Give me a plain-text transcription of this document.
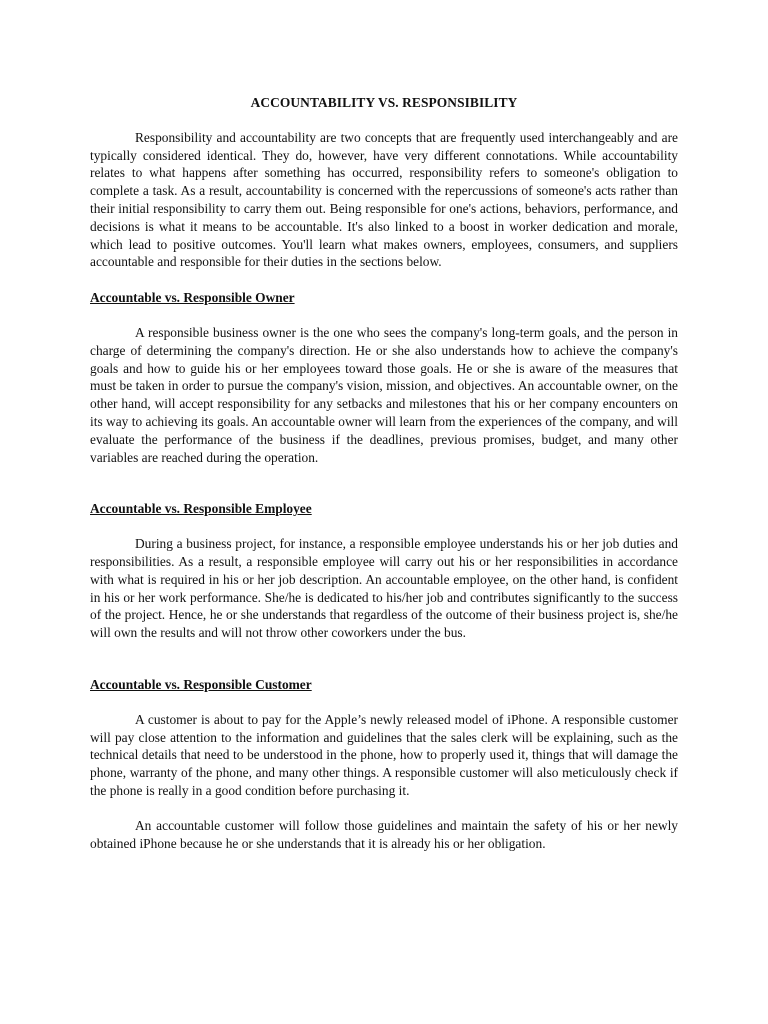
ACCOUNTABILITY VS. RESPONSIBILITY

Responsibility and accountability are two concepts that are frequently used interchangeably and are typically considered identical. They do, however, have very different connotations. While accountability relates to what happens after something has occurred, responsibility refers to someone's obligation to complete a task. As a result, accountability is concerned with the repercussions of someone's acts rather than their initial responsibility to carry them out. Being responsible for one's actions, behaviors, performance, and decisions is what it means to be accountable. It's also linked to a boost in worker dedication and morale, which lead to positive outcomes. You'll learn what makes owners, employees, consumers, and suppliers accountable and responsible for their duties in the sections below.

Accountable vs. Responsible Owner

A responsible business owner is the one who sees the company's long-term goals, and the person in charge of determining the company's direction. He or she also understands how to achieve the company's goals and how to guide his or her employees toward those goals. He or she is aware of the measures that must be taken in order to pursue the company's vision, mission, and objectives. An accountable owner, on the other hand, will accept responsibility for any setbacks and milestones that his or her company encounters on its way to achieving its goals. An accountable owner will learn from the experiences of the company, and will evaluate the performance of the business if the deadlines, previous promises, budget, and many other variables are reached during the operation.

Accountable vs. Responsible Employee

During a business project, for instance, a responsible employee understands his or her job duties and responsibilities. As a result, a responsible employee will carry out his or her responsibilities in accordance with what is required in his or her job description. An accountable employee, on the other hand, is confident in his or her work performance. She/he is dedicated to his/her job and contributes significantly to the success of the project. Hence, he or she understands that regardless of the outcome of their business project is, she/he will own the results and will not throw other coworkers under the bus.

Accountable vs. Responsible Customer

A customer is about to pay for the Apple’s newly released model of iPhone. A responsible customer will pay close attention to the information and guidelines that the sales clerk will be explaining, such as the technical details that need to be understood in the phone, how to properly used it, things that will damage the phone, warranty of the phone, and many other things. A responsible customer will also meticulously check if the phone is really in a good condition before purchasing it.

An accountable customer will follow those guidelines and maintain the safety of his or her newly obtained iPhone because he or she understands that it is already his or her obligation.
